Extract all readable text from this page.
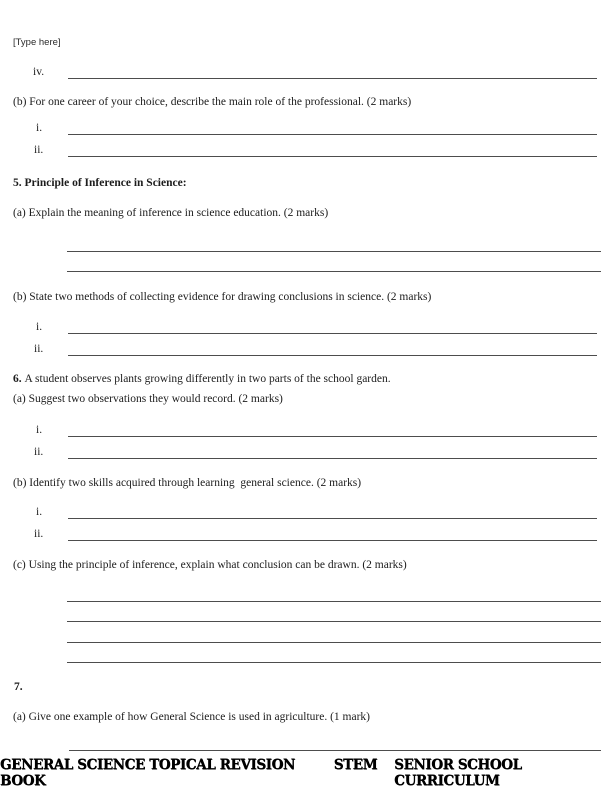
[Type here]
iv.
(b) For one career of your choice, describe the main role of the professional. (2 marks)
i.
ii.
5. Principle of Inference in Science:
(a) Explain the meaning of inference in science education. (2 marks)
(b) State two methods of collecting evidence for drawing conclusions in science. (2 marks)
i.
ii.
6. A student observes plants growing differently in two parts of the school garden.
(a) Suggest two observations they would record. (2 marks)
i.
ii.
(b) Identify two skills acquired through learning  general science. (2 marks)
i.
ii.
(c) Using the principle of inference, explain what conclusion can be drawn. (2 marks)
7.
(a) Give one example of how General Science is used in agriculture. (1 mark)
GENERAL SCIENCE TOPICAL REVISION BOOK
STEM SENIOR SCHOOL CURRICULUM
